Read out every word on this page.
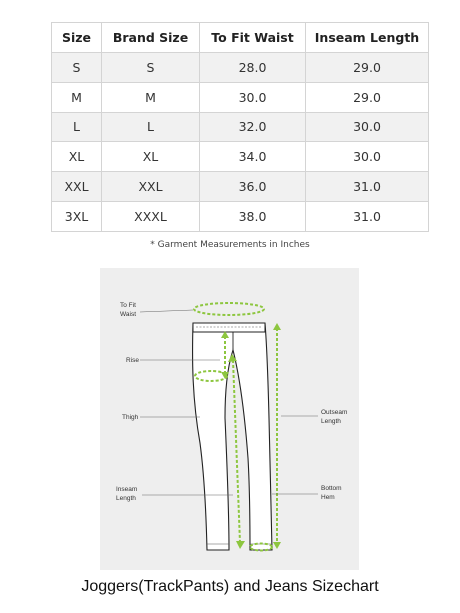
Size	Brand Size	To Fit Waist	Inseam Length
S	S	28.0	29.0
M	M	30.0	29.0
L	L	32.0	30.0
XL	XL	34.0	30.0
XXL	XXL	36.0	31.0
3XL	XXXL	38.0	31.0
* Garment Measurements in Inches
To Fit
Waist
Rise
Thigh
Inseam
Length
Outseam
Length
Bottom
Hem
Joggers(TrackPants) and Jeans Sizechart
